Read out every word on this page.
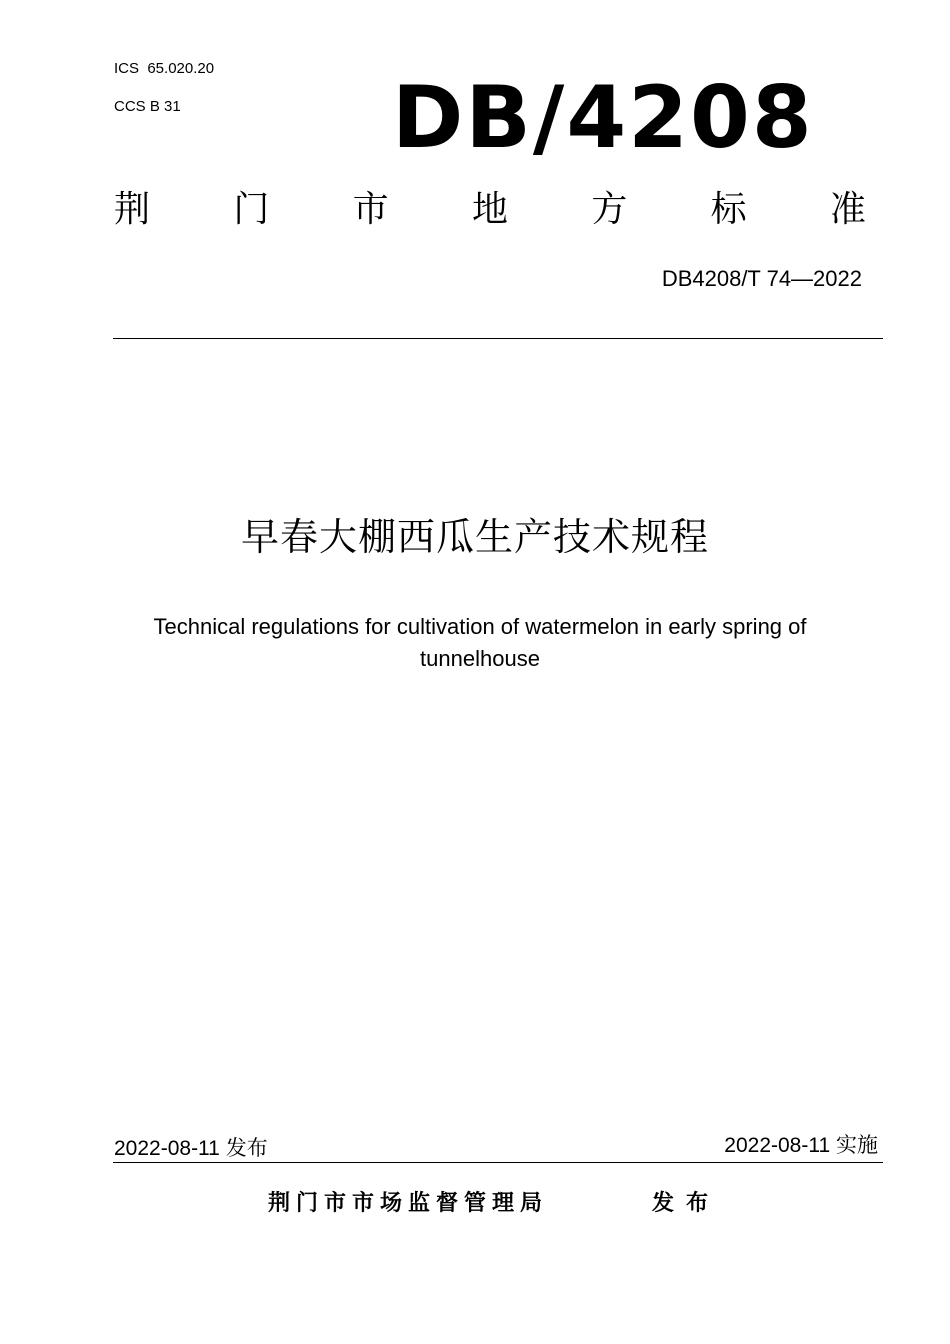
ICS  65.020.20
CCS B 31 DB/4208
荆 门 市 地 方 标 准
DB4208/T 74—2022
早春大棚西瓜生产技术规程
Technical regulations for cultivation of watermelon in early spring of tunnelhouse
2022-08-11 发布	2022-08-11 实施
荆门市市场监督管理局	发布
